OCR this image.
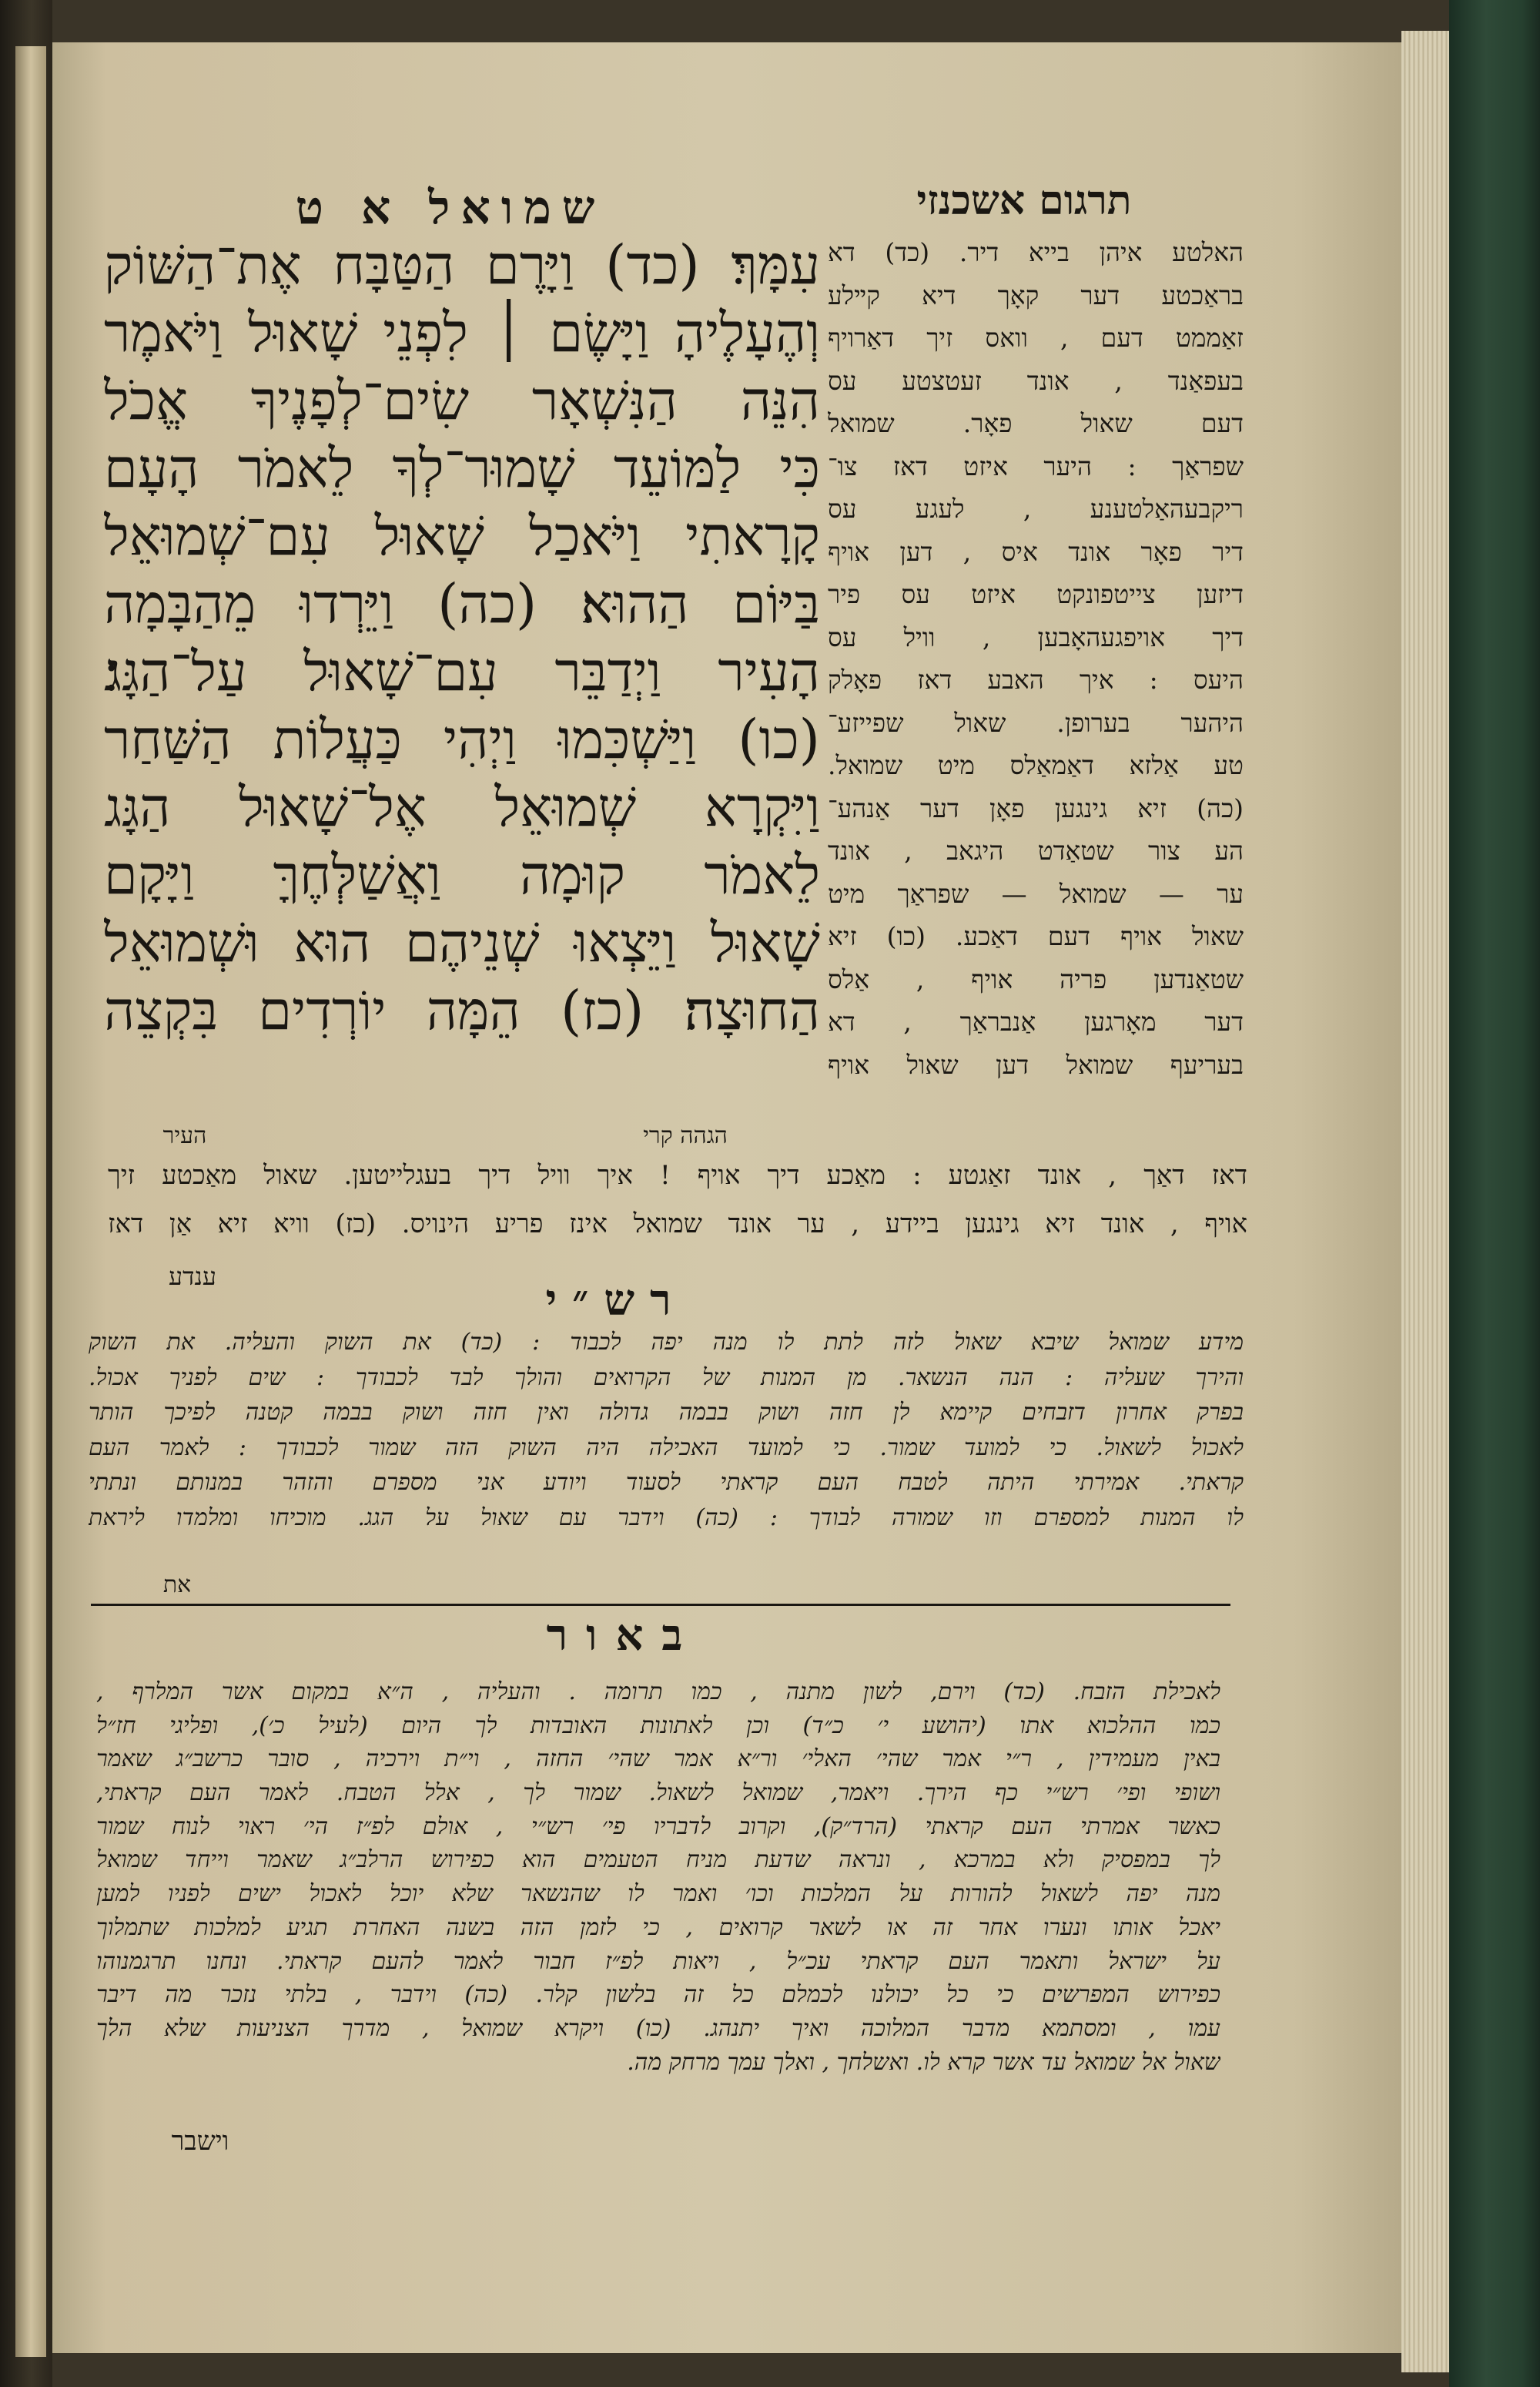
שמואל א ט	תרגום אשכנזי
עִמָּךְ׃ (כד) וַיָּרֶם הַטַּבָּח אֶת־הַשּׁוֹק
וְהֶעָלֶיהָ וַיָּשֶׂם ׀ לִפְנֵי שָׁאוּל וַיֹּאמֶר
הִנֵּה הַנִּשְׁאָר שִׂים־לְפָנֶיךָ אֱכֹל
כִּי לַמּוֹעֵד שָׁמוּר־לְךָ לֵאמֹר הָעָם
קָרָאתִי וַיֹּאכַל שָׁאוּל עִם־שְׁמוּאֵל
בַּיּוֹם הַהוּא׃ (כה) וַיֵּרְדוּ מֵהַבָּמָה
הָעִיר וַיְדַבֵּר עִם־שָׁאוּל עַל־הַגָּג׃
(כו) וַיַּשְׁכִּמוּ וַיְהִי כַּעֲלוֹת הַשַּׁחַר
וַיִּקְרָא שְׁמוּאֵל אֶל־שָׁאוּל הַגָּג
לֵאמֹר קוּמָה וַאֲשַׁלְּחֶךָּ וַיָּקָם
שָׁאוּל וַיֵּצְאוּ שְׁנֵיהֶם הוּא וּשְׁמוּאֵל
הַחוּצָה׃ (כז) הֵמָּה יוֹרְדִים בִּקְצֵה
האלטע איהן בייא דיר. (כד) דא
בראַכטע דער קאָך דיא קײלע
זאַממט דעם , וואס זיך דאַרויף
בעפאַנד , אונד זעטצטע עס
דעם שאול פאָר. שמואל
שפראַך : היער איזט דאז צו־
ריקבעהאַלטענע , לעגע עס
דיר פאָר אונד איס , דען אויף
דיזען צייטפונקט איזט עס פיר
דיך אויפגעהאָבען , וויל עס
היעס : איך האבע דאז פאָלק
היהער בערופן. שאול שפייזע־
טע אַלזא דאַמאַלס מיט שמואל.
(כה) זיא גינגען פאָן דער אַנהע־
הע צור שטאַדט היגאב , אונד
ער — שמואל — שפראַך מיט
שאול אויף דעם דאַכע. (כו) זיא
שטאַנדען פריה אויף , אַלס
דער מאָרגען אַנבראַך , דא
בעריעף שמואל דען שאול אויף
העיר	הגהה קרי
דאז דאַך , אונד זאַגטע : מאַכע דיך אויף ! איך וויל דיך בעגלייטען. שאול מאַכטע זיך
אויף , אונד זיא גינגען ביידע , ער אונד שמואל אינז פריע הינויס. (כז) וויא זיא אַן דאז
ענדע	רש״י
מידע שמואל שיבא שאול לזה לתת לו מנה יפה לכבוד : (כד) את השוק והעליה. את השוק
והירך שעליה : הנה הנשאר. מן המנות של הקרואים והולך לבד לכבודך : שים לפניך אכול.
בפרק אחרון דזבחים קיימא לן חזה ושוק בבמה גדולה ואין חזה ושוק בבמה קטנה לפיכך הותר
לאכול לשאול. כי למועד שמור. כי למועד האכילה היה השוק הזה שמור לכבודך : לאמר העם
קראתי. אמירתי היתה לטבח העם קראתי לסעוד ויודע אני מספרם והזהר במנותם ונתתי
לו המנות למספרם וזו שמורה לבודך : (כה) וידבר עם שאול על הגג. מוכיחו ומלמדו ליראת
את
באור
לאכילת הזבח. (כד) וירם, לשון מתנה , כמו תרומה . והעליה , ה״א במקום אשר המלרף ,
כמו ההלכוא אתו (יהושע י׳ כ״ד) וכן לאתונות האובדות לך היום (לעיל כ׳), ופליגי חז״ל
באין מעמידין , ר״י אמר שהי׳ האלי׳ ור״א אמר שהי׳ החזה , וי״ת וירכיה , סובר כרשב״ג שאמר
ושופי ופי׳ רש״י כף הירך. ויאמר, שמואל לשאול. שמור לך , אלל הטבח. לאמר העם קראתי,
כאשר אמרתי העם קראתי (הרד״ק), וקרוב לדבריו פי׳ רש״י , אולם לפ״ז הי׳ ראוי לנוח שמור
לך במפסיק ולא במרכא , ונראה שדעת מניח הטעמים הוא כפירוש הרלב״ג שאמר וייחד שמואל
מנה יפה לשאול להורות על המלכות וכו׳ ואמר לו שהנשאר שלא יוכל לאכול ישים לפניו למען
יאכל אותו ונערו אחר זה או לשאר קרואים , כי לזמן הזה בשנה האחרת תגיע למלכות שתמלוך
על ישראל ותאמר העם קראתי עכ״ל , ויאות לפ״ז חבור לאמר להעם קראתי. ונחנו תרגמנוהו
כפירוש המפרשים כי כל יכולנו לכמלם כל זה בלשון קלר. (כה) וידבר , בלתי נזכר מה דיבר
עמו , ומסתמא מדבר המלוכה ואיך יתנהג. (כו) ויקרא שמואל , מדרך הצניעות שלא הלך
שאול אל שמואל עד אשר קרא לו. ואשלחך , ואלך עמך מרחק מה.
וישבר
